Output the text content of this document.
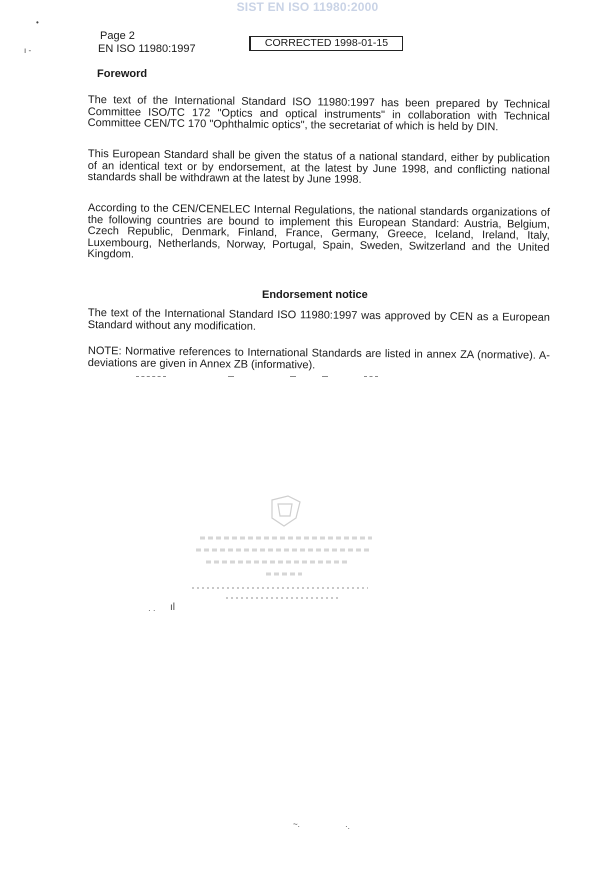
SIST EN ISO 11980:2000
•
ı -
Page 2
EN ISO 11980:1997	CORRECTED 1998-01-15
Foreword

The text of the International Standard ISO 11980:1997 has been prepared by Technical Committee ISO/TC 172 "Optics and optical instruments" in collaboration with Technical Committee CEN/TC 170 "Ophthalmic optics", the secretariat of which is held by DIN.

This European Standard shall be given the status of a national standard, either by publication of an identical text or by endorsement, at the latest by June 1998, and conflicting national standards shall be withdrawn at the latest by June 1998.

According to the CEN/CENELEC Internal Regulations, the national standards organizations of the following countries are bound to implement this European Standard: Austria, Belgium, Czech Republic, Denmark, Finland, France, Germany, Greece, Iceland, Ireland, Italy, Luxembourg, Netherlands, Norway, Portugal, Spain, Sweden, Switzerland and the United Kingdom.

Endorsement notice

The text of the International Standard ISO 11980:1997 was approved by CEN as a European Standard without any modification.

NOTE: Normative references to International Standards are listed in annex ZA (normative). A-deviations are given in Annex ZB (informative).

· · ıl
~.	·.
